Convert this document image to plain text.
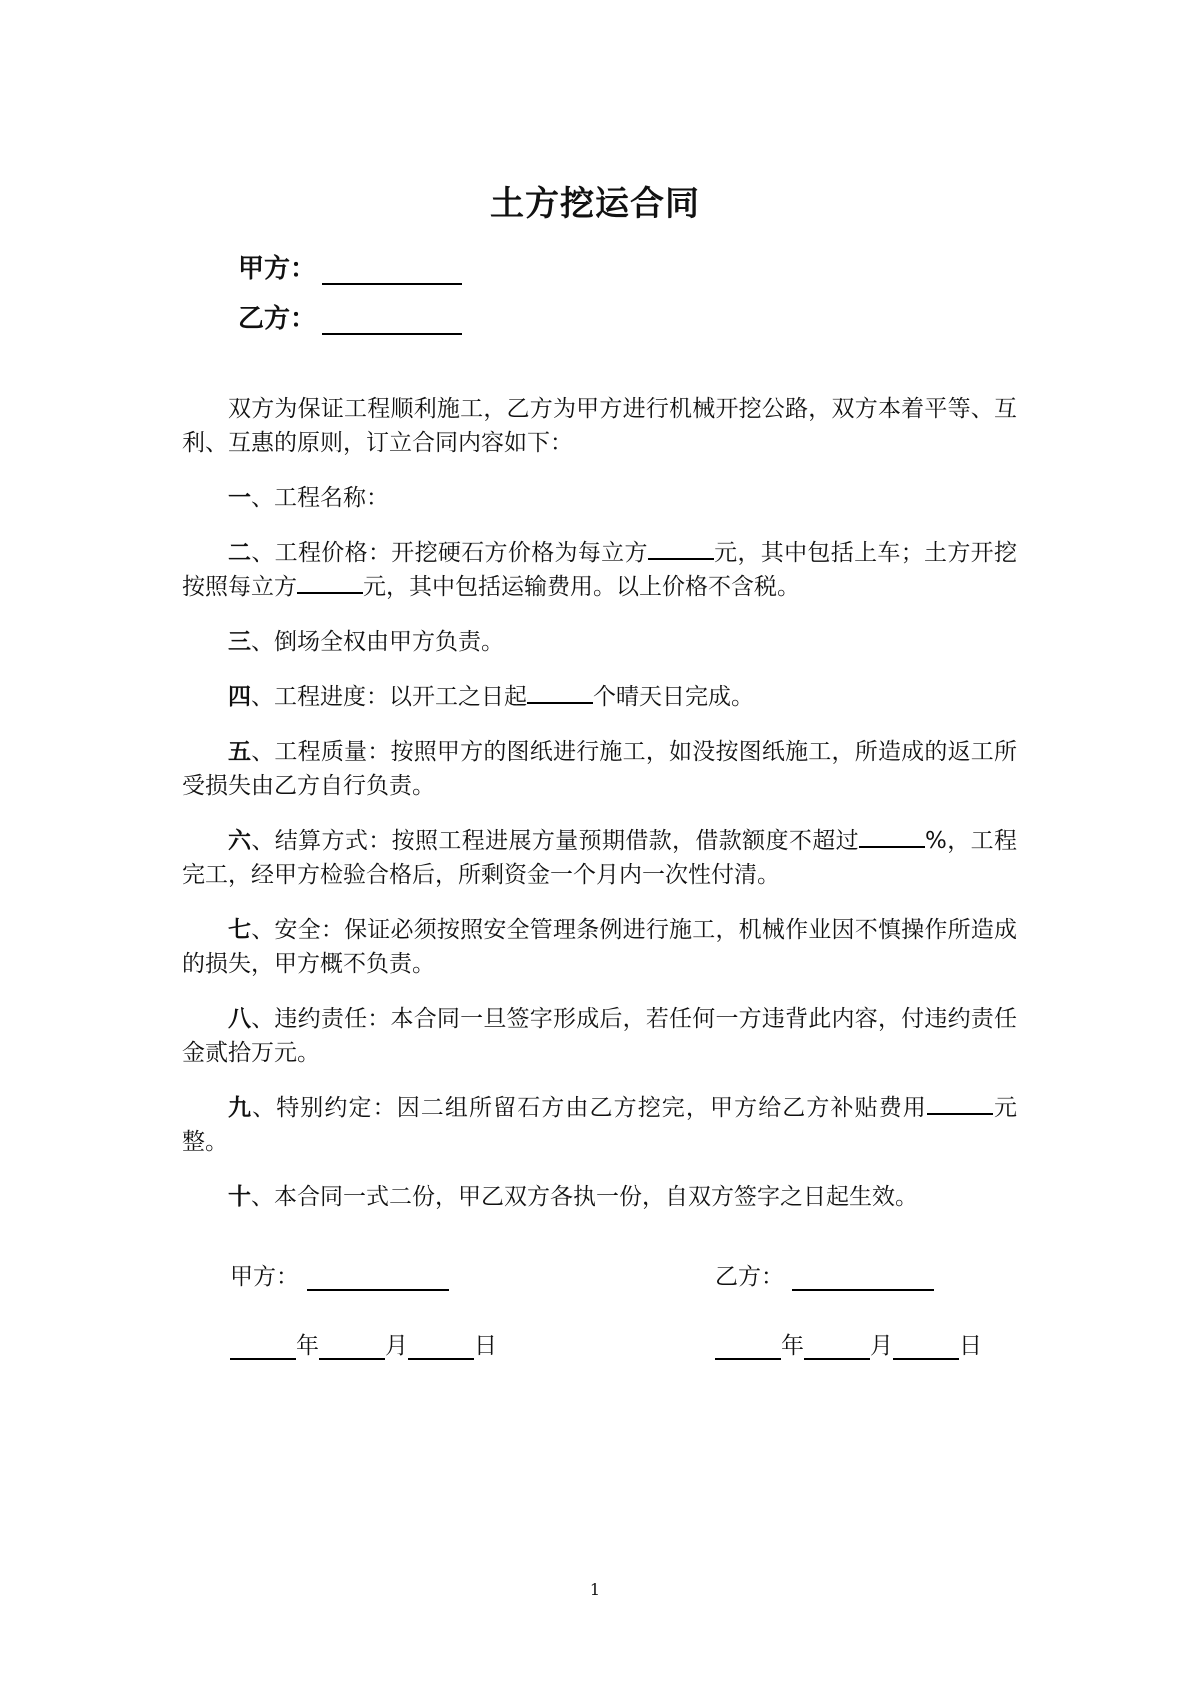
土方挖运合同
甲方：
乙方：

双方为保证工程顺利施工，乙方为甲方进行机械开挖公路，双方本着平等、互利、互惠的原则，订立合同内容如下：

一、工程名称：

二、工程价格：开挖硬石方价格为每立方	元，其中包括上车；土方开挖按照每立方	元，其中包括运输费用。以上价格不含税。

三、倒场全权由甲方负责。

四、工程进度：以开工之日起	个晴天日完成。

五、工程质量：按照甲方的图纸进行施工，如没按图纸施工，所造成的返工所受损失由乙方自行负责。

六、结算方式：按照工程进展方量预期借款，借款额度不超过	%，工程完工，经甲方检验合格后，所剩资金一个月内一次性付清。

七、安全：保证必须按照安全管理条例进行施工，机械作业因不慎操作所造成的损失，甲方概不负责。

八、违约责任：本合同一旦签字形成后，若任何一方违背此内容，付违约责任金贰拾万元。

九、特别约定：因二组所留石方由乙方挖完，甲方给乙方补贴费用	元整。

十、本合同一式二份，甲乙双方各执一份，自双方签字之日起生效。

甲方：	乙方：
年	月	日	年	月	日
1
